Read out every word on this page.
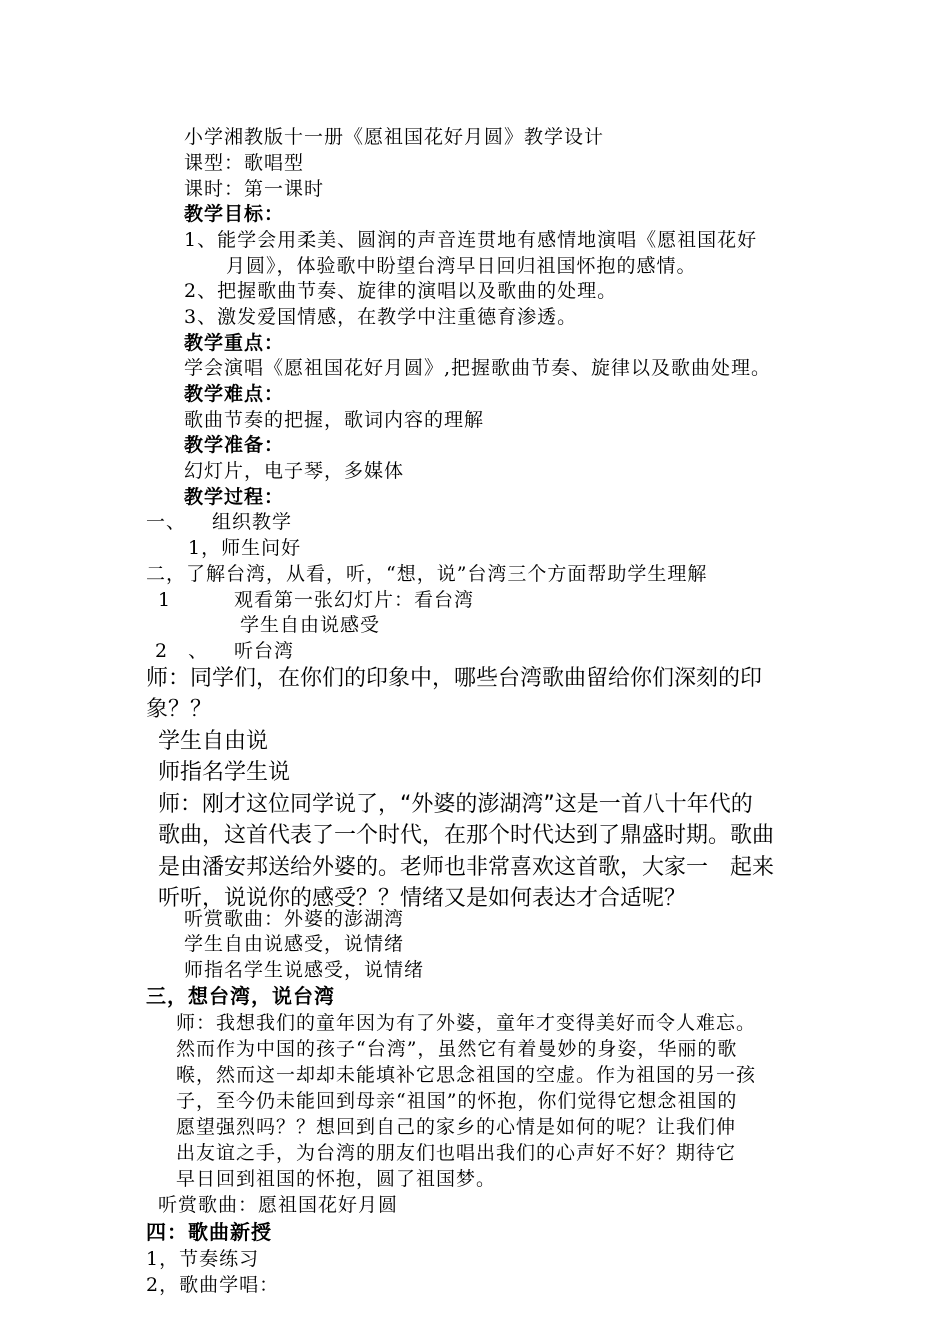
小学湘教版十一册《愿祖国花好月圆》教学设计
课型：歌唱型
课时：第一课时
教学目标：
1、能学会用柔美、圆润的声音连贯地有感情地演唱《愿祖国花好
月圆》，体验歌中盼望台湾早日回归祖国怀抱的感情。
2、把握歌曲节奏、旋律的演唱以及歌曲的处理。
3、激发爱国情感，在教学中注重德育渗透。
教学重点：
学会演唱《愿祖国花好月圆》,把握歌曲节奏、旋律以及歌曲处理。
教学难点：
歌曲节奏的把握，歌词内容的理解
教学准备：
幻灯片，电子琴，多媒体
教学过程：
一、 组织教学
1，师生问好
二，了解台湾，从看，听，“想，说”台湾三个方面帮助学生理解
1	观看第一张幻灯片：看台湾
学生自由说感受
2　、 听台湾
师：同学们，在你们的印象中，哪些台湾歌曲留给你们深刻的印
象？？
学生自由说
师指名学生说
师：刚才这位同学说了，“外婆的澎湖湾”这是一首八十年代的
歌曲，这首代表了一个时代，在那个时代达到了鼎盛时期。歌曲
是由潘安邦送给外婆的。老师也非常喜欢这首歌，大家一　起来
听听，说说你的感受？？情绪又是如何表达才合适呢？
听赏歌曲：外婆的澎湖湾
学生自由说感受，说情绪
师指名学生说感受，说情绪
三，想台湾，说台湾
师：我想我们的童年因为有了外婆，童年才变得美好而令人难忘。
然而作为中国的孩子“台湾”，虽然它有着曼妙的身姿，华丽的歌
喉，然而这一却却未能填补它思念祖国的空虚。作为祖国的另一孩
子，至今仍未能回到母亲“祖国”的怀抱，你们觉得它想念祖国的
愿望强烈吗？？想回到自己的家乡的心情是如何的呢？让我们伸
出友谊之手，为台湾的朋友们也唱出我们的心声好不好？期待它
早日回到祖国的怀抱，圆了祖国梦。
听赏歌曲：愿祖国花好月圆
四：歌曲新授
1，节奏练习
2，歌曲学唱：
